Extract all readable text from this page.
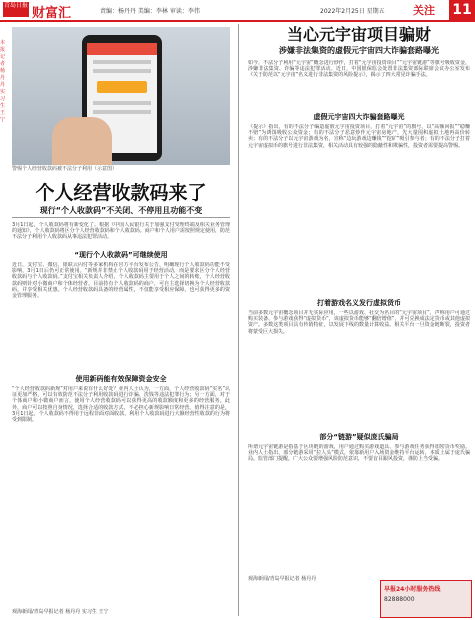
青岛日报
财富汇	责编：杨丹丹 美编：李林 审读：李伟	2022年2月25日 星期五	关注 11
本报记者 杨丹丹 实习生 王宁

警惕个人经营收款码被不法分子利用（示意图）
个人经营收款码来了
现行“个人收款码”不关闭、不停用且功能不变
3月1日起，个人收款码将有新变化了。根据《中国人民银行关于加强支付受理终端及相关业务管理的通知》，个人收款码将区分个人经营收款码和个人收款码。商户和个人用户需按照规定使用，防范不法分子利用个人收款码从事违法犯罪活动。
“现行个人收款码”可继续使用
近日，支付宝、微信、银联云闪付等多家机构在官方平台发布公告，明确现行个人收款码功能不受影响，3月1日后仍可正常使用。“新规并非禁止个人收款码用于经营活动，而是要求区分个人经营收款码与个人收款码。”支付宝相关负责人介绍，个人收款码主要用于个人之间的转账，个人经营收款码则针对小微商户和个体经营者。目前持有个人收款码的商户，可自主选择切换为个人经营收款码，并享受相关优惠。个人经营收款码具备的经营属性，不仅能享受相应保障，也可获得更多的资金管理服务。
使用新码能有效保障资金安全
“个人经营收款码新规”对用户来说有什么好处？业内人士认为，一方面，个人经营收款码“实名”认证更加严格，可以有效防范不法分子利用收款码进行诈骗、洗钱等违法犯罪行为；另一方面，对于个体商户和小微商户而言，使用个人经营收款码可以获得更高的收款额度和更多的经营服务。此外，商户可以按照自身情况，选择合适的收款方式，不必担心新规影响日常经营。值得注意的是，3月1日起，个人收款码不得用于远程非面对面收款，利用个人收款码进行大额经营性收款的行为将受到限制。
观海新闻/青岛早报记者 杨丹丹 实习生 王宁
当心元宇宙项目骗财
涉嫌非法集资的虚假元宇宙四大诈骗套路曝光
如今，不法分子利用“元宇宙”概念进行炒作，打着“元宇宙投资项目”“元宇宙链游”等旗号吸收资金，涉嫌非法集资、诈骗等违法犯罪活动。近日，中国银保监会处置非法集资部际联席会议办公室发布《关于防范以“元宇宙”名义进行非法集资的风险提示》，揭示了四大常见诈骗手法。
虚假元宇宙四大诈骗套路曝光
《提示》指出，有的不法分子编造虚假元宇宙投资项目，打着“元宇宙”的旗号，以“高额回报”“稳赚不赔”为诱饵吸收公众资金；有的不法分子恶意炒作元宇宙房地产，先大量囤积虚拟土地再高价转卖；有的不法分子以元宇宙游戏为名，宣称“边玩游戏边赚钱”“挖矿”吸引参与者；有的不法分子打着元宇宙虚拟币的旗号进行非法集资，相关活动具有较强的隐蔽性和欺骗性，投资者需要提高警惕。
打着游戏名义发行虚拟货币
当前多数元宇宙概念项目并无实际应用，一些以游戏、社交为名目的“元宇宙项目”，声称用户可通过购买装备、参与游戏获得“虚拟货币”，该虚拟货币能够“翻倍增值”，并可兑换成法定货币或其他虚拟资产。多数这类项目具有传销特征，以发展下线的数量计算收益。相关平台一旦资金链断裂，投资者将蒙受巨大损失。
部分“链游”疑似庞氏骗局
所谓元宇宙链游是指基于区块链的游戏，用户通过购买游戏道具、参与游戏任务获得加密货币奖励。业内人士指出，部分链游采用“拉人头”模式，依靠新用户入场资金维持平台运转，本质上属于庞氏骗局。监管部门提醒，广大公众要增强风险防范意识，不要盲目跟风投资，谨防上当受骗。
观海新闻/青岛早报记者 杨丹丹
早报24小时服务热线
82888000
